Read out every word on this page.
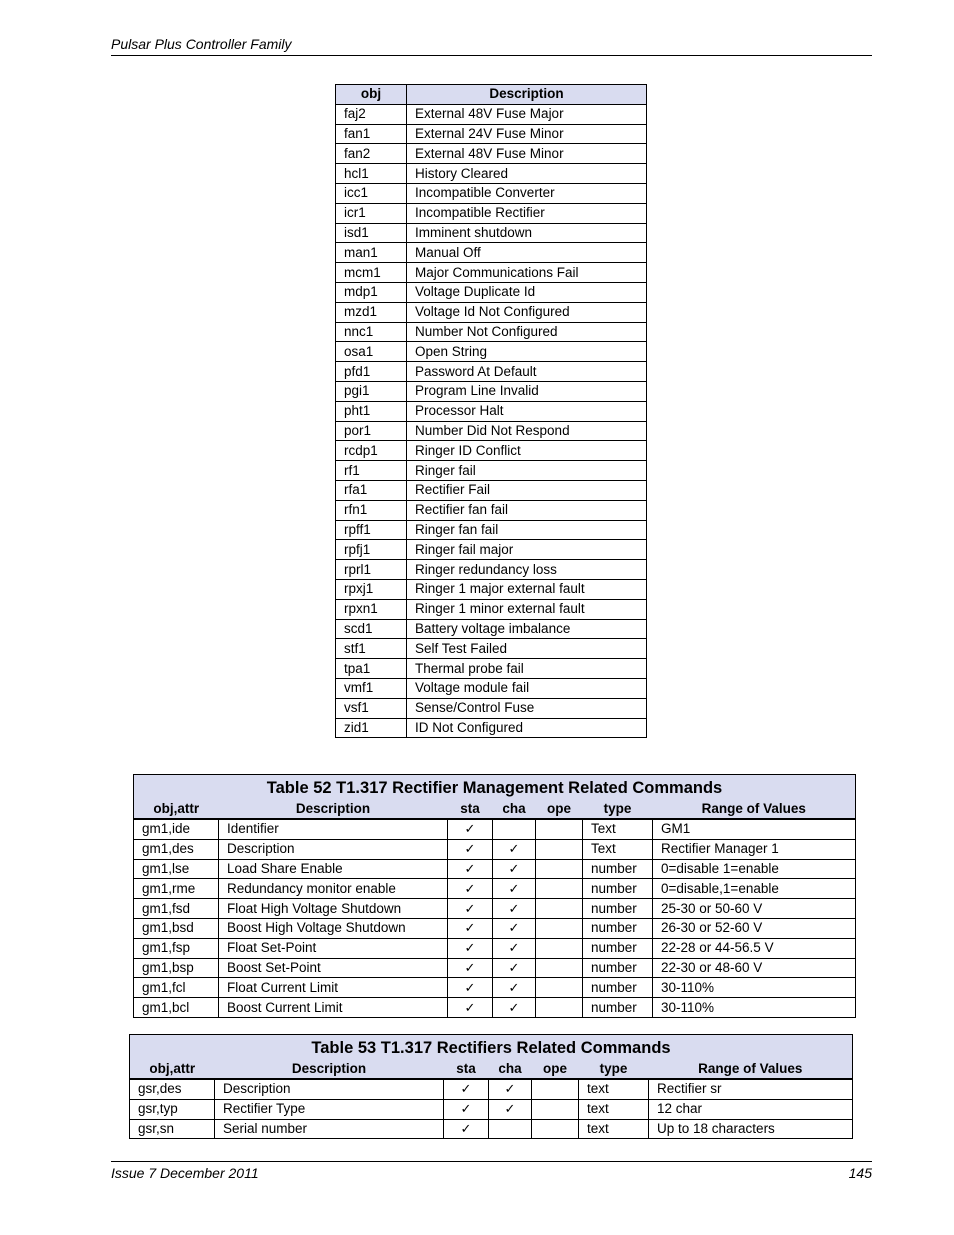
Pulsar Plus Controller Family
obj	Description
faj2	External 48V Fuse Major
fan1	External 24V Fuse Minor
fan2	External 48V Fuse Minor
hcl1	History Cleared
icc1	Incompatible Converter
icr1	Incompatible Rectifier
isd1	Imminent shutdown
man1	Manual Off
mcm1	Major Communications Fail
mdp1	Voltage Duplicate Id
mzd1	Voltage Id Not Configured
nnc1	Number Not Configured
osa1	Open String
pfd1	Password At Default
pgi1	Program Line Invalid
pht1	Processor Halt
por1	Number Did Not Respond
rcdp1	Ringer ID Conflict
rf1	Ringer fail
rfa1	Rectifier Fail
rfn1	Rectifier fan fail
rpff1	Ringer fan fail
rpfj1	Ringer fail major
rprl1	Ringer redundancy loss
rpxj1	Ringer 1 major external fault
rpxn1	Ringer 1 minor external fault
scd1	Battery voltage imbalance
stf1	Self Test Failed
tpa1	Thermal probe fail
vmf1	Voltage module fail
vsf1	Sense/Control Fuse
zid1	ID Not Configured
Table 52 T1.317 Rectifier Management Related Commands						
obj,attr	Description	sta	cha	ope	type	Range of Values
gm1,ide	Identifier	✓			Text	GM1
gm1,des	Description	✓	✓		Text	Rectifier Manager 1
gm1,lse	Load Share Enable	✓	✓		number	0=disable 1=enable
gm1,rme	Redundancy monitor enable	✓	✓		number	0=disable,1=enable
gm1,fsd	Float High Voltage Shutdown	✓	✓		number	25-30 or 50-60 V
gm1,bsd	Boost High Voltage Shutdown	✓	✓		number	26-30 or 52-60 V
gm1,fsp	Float Set-Point	✓	✓		number	22-28 or 44-56.5 V
gm1,bsp	Boost Set-Point	✓	✓		number	22-30 or 48-60 V
gm1,fcl	Float Current Limit	✓	✓		number	30-110%
gm1,bcl	Boost Current Limit	✓	✓		number	30-110%
Table 53 T1.317 Rectifiers Related Commands						
obj,attr	Description	sta	cha	ope	type	Range of Values
gsr,des	Description	✓	✓		text	Rectifier sr
gsr,typ	Rectifier Type	✓	✓		text	12 char
gsr,sn	Serial number	✓			text	Up to 18 characters
Issue 7 December 2011	145
